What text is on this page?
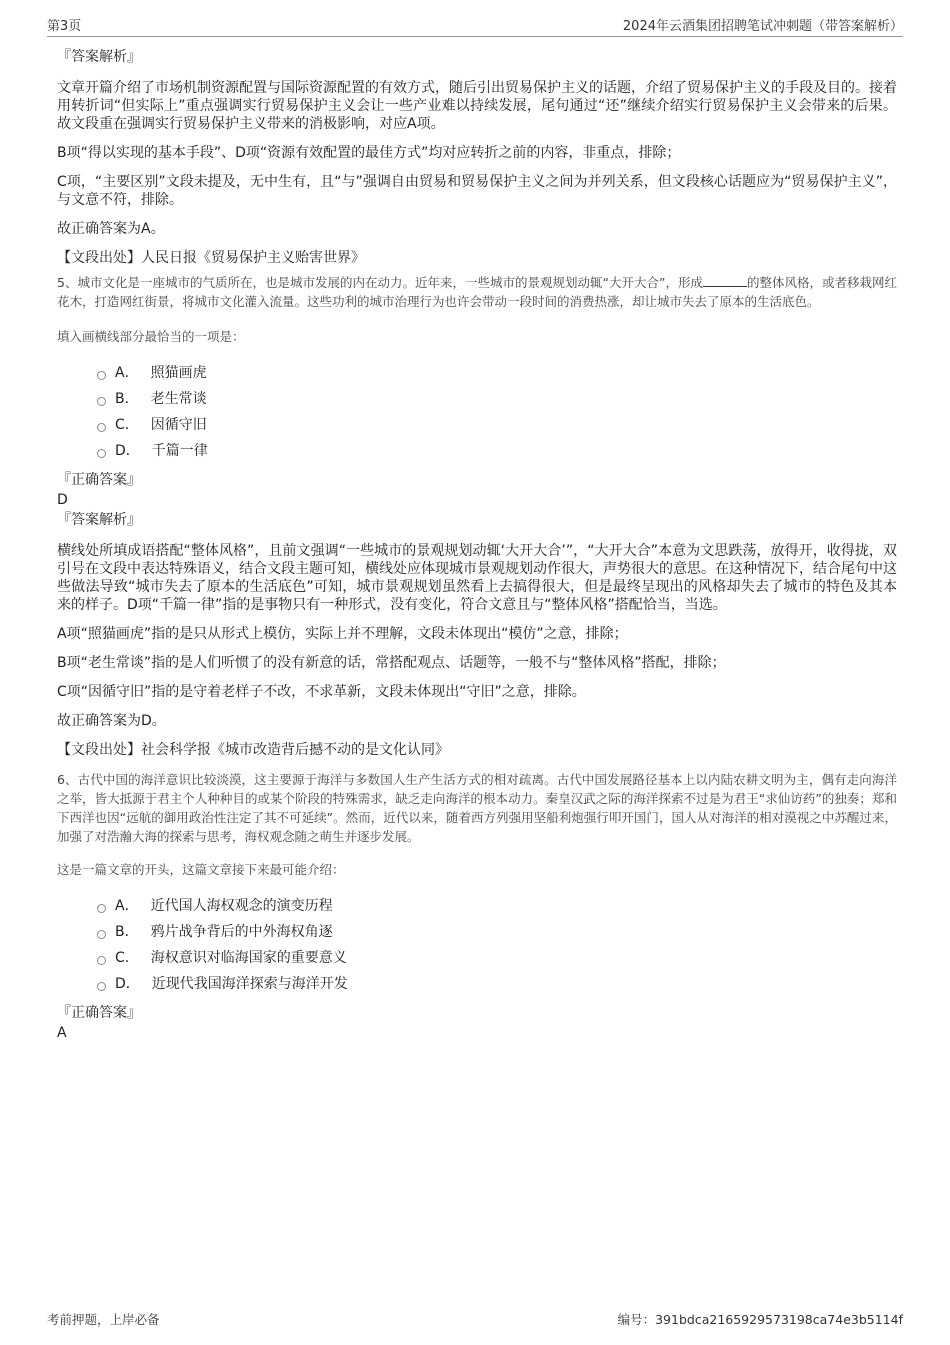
第3页	2024年云酒集团招聘笔试冲刺题（带答案解析）

『答案解析』

文章开篇介绍了市场机制资源配置与国际资源配置的有效方式，随后引出贸易保护主义的话题，介绍了贸易保护主义的手段及目的。接着用转折词“但实际上”重点强调实行贸易保护主义会让一些产业难以持续发展，尾句通过“还”继续介绍实行贸易保护主义会带来的后果。故文段重在强调实行贸易保护主义带来的消极影响，对应A项。

B项“得以实现的基本手段”、D项“资源有效配置的最佳方式”均对应转折之前的内容，非重点，排除；

C项，“主要区别”文段未提及，无中生有，且“与”强调自由贸易和贸易保护主义之间为并列关系，但文段核心话题应为“贸易保护主义”，与文意不符，排除。

故正确答案为A。

【文段出处】人民日报《贸易保护主义贻害世界》

5、城市文化是一座城市的气质所在，也是城市发展的内在动力。近年来，一些城市的景观规划动辄“大开大合”，形成	的整体风格，或者移栽网红花木，打造网红街景，将城市文化灌入流量。这些功利的城市治理行为也许会带动一段时间的消费热涨，却让城市失去了原本的生活底色。

填入画横线部分最恰当的一项是：

A． 照猫画虎
B． 老生常谈
C． 因循守旧
D． 千篇一律

『正确答案』

D

『答案解析』

横线处所填成语搭配“整体风格”，且前文强调“一些城市的景观规划动辄‘大开大合’”，“大开大合”本意为文思跌荡，放得开，收得拢，双引号在文段中表达特殊语义，结合文段主题可知，横线处应体现城市景观规划动作很大，声势很大的意思。在这种情况下，结合尾句中这些做法导致“城市失去了原本的生活底色”可知，城市景观规划虽然看上去搞得很大，但是最终呈现出的风格却失去了城市的特色及其本来的样子。D项“千篇一律”指的是事物只有一种形式，没有变化，符合文意且与“整体风格”搭配恰当，当选。

A项“照猫画虎”指的是只从形式上模仿，实际上并不理解，文段未体现出“模仿”之意，排除；

B项“老生常谈”指的是人们听惯了的没有新意的话，常搭配观点、话题等，一般不与“整体风格”搭配，排除；

C项“因循守旧”指的是守着老样子不改，不求革新，文段未体现出“守旧”之意，排除。

故正确答案为D。

【文段出处】社会科学报《城市改造背后撼不动的是文化认同》

6、古代中国的海洋意识比较淡漠，这主要源于海洋与多数国人生产生活方式的相对疏离。古代中国发展路径基本上以内陆农耕文明为主，偶有走向海洋之举，皆大抵源于君主个人种种目的或某个阶段的特殊需求，缺乏走向海洋的根本动力。秦皇汉武之际的海洋探索不过是为君王“求仙访药”的独奏；郑和下西洋也因“远航的御用政治性注定了其不可延续”。然而，近代以来，随着西方列强用坚船利炮强行叩开国门，国人从对海洋的相对漠视之中苏醒过来，加强了对浩瀚大海的探索与思考，海权观念随之萌生并逐步发展。

这是一篇文章的开头，这篇文章接下来最可能介绍：

A． 近代国人海权观念的演变历程
B． 鸦片战争背后的中外海权角逐
C． 海权意识对临海国家的重要意义
D． 近现代我国海洋探索与海洋开发

『正确答案』

A

考前押题，上岸必备	编号：391bdca2165929573198ca74e3b5114f
